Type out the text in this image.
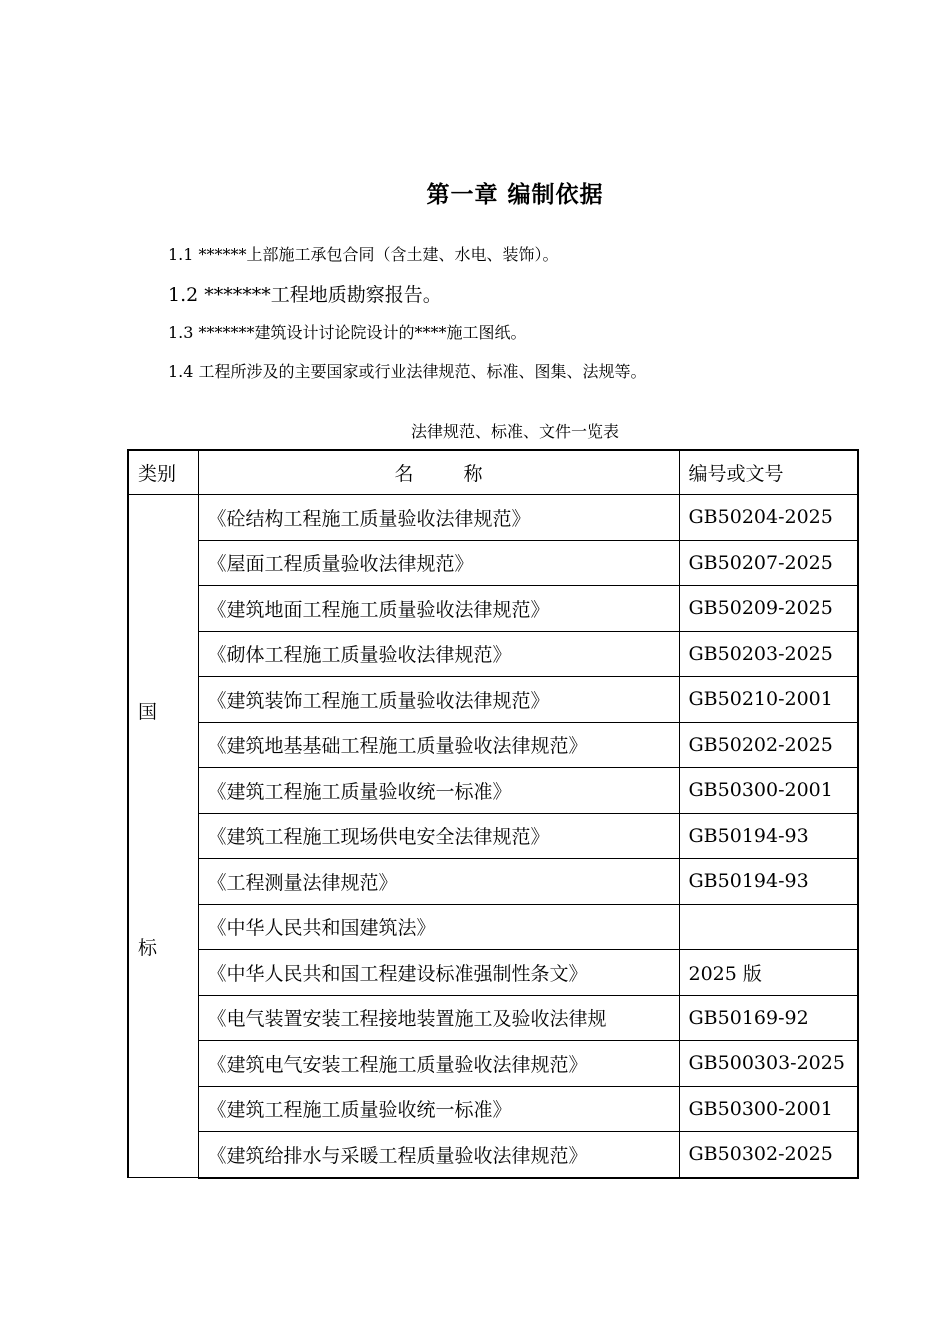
第一章 编制依据
1.1 ******上部施工承包合同（含土建、水电、装饰）。
1.2 *******工程地质勘察报告。
1.3 *******建筑设计讨论院设计的****施工图纸。
1.4 工程所涉及的主要国家或行业法律规范、标准、图集、法规等。
法律规范、标准、文件一览表
类别	名 称	编号或文号

国
标	《砼结构工程施工质量验收法律规范》	GB50204-2025
	《屋面工程质量验收法律规范》	GB50207-2025
	《建筑地面工程施工质量验收法律规范》	GB50209-2025
	《砌体工程施工质量验收法律规范》	GB50203-2025
	《建筑装饰工程施工质量验收法律规范》	GB50210-2001
	《建筑地基基础工程施工质量验收法律规范》	GB50202-2025
	《建筑工程施工质量验收统一标准》	GB50300-2001
	《建筑工程施工现场供电安全法律规范》	GB50194-93
	《工程测量法律规范》	GB50194-93
	《中华人民共和国建筑法》	
	《中华人民共和国工程建设标准强制性条文》	2025 版
	《电气装置安装工程接地装置施工及验收法律规	GB50169-92
	《建筑电气安装工程施工质量验收法律规范》	GB500303-2025
	《建筑工程施工质量验收统一标准》	GB50300-2001
	《建筑给排水与采暖工程质量验收法律规范》	GB50302-2025
